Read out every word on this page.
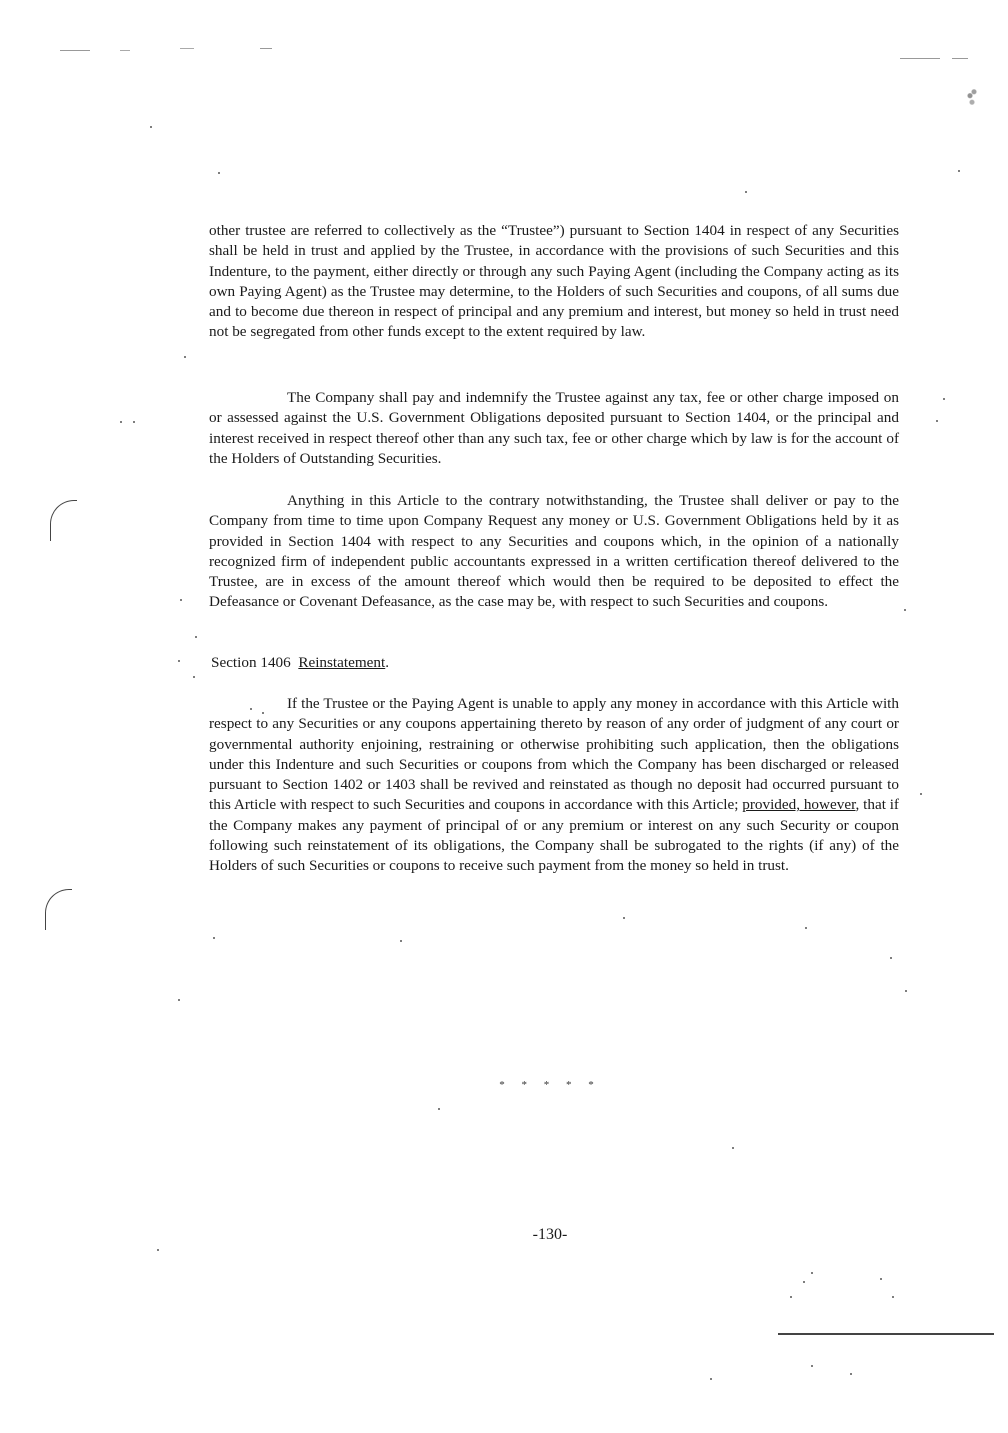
other trustee are referred to collectively as the “Trustee”) pursuant to Section 1404 in respect of any Securities shall be held in trust and applied by the Trustee, in accordance with the provisions of such Securities and this Indenture, to the payment, either directly or through any such Paying Agent (including the Company acting as its own Paying Agent) as the Trustee may determine, to the Holders of such Securities and coupons, of all sums due and to become due thereon in respect of principal and any premium and interest, but money so held in trust need not be segregated from other funds except to the extent required by law.

The Company shall pay and indemnify the Trustee against any tax, fee or other charge imposed on or assessed against the U.S. Government Obligations deposited pursuant to Section 1404, or the principal and interest received in respect thereof other than any such tax, fee or other charge which by law is for the account of the Holders of Outstanding Securities.

Anything in this Article to the contrary notwithstanding, the Trustee shall deliver or pay to the Company from time to time upon Company Request any money or U.S. Government Obligations held by it as provided in Section 1404 with respect to any Securities and coupons which, in the opinion of a nationally recognized firm of independent public accountants expressed in a written certification thereof delivered to the Trustee, are in excess of the amount thereof which would then be required to be deposited to effect the Defeasance or Covenant Defeasance, as the case may be, with respect to such Securities and coupons.

Section 1406 Reinstatement.

If the Trustee or the Paying Agent is unable to apply any money in accordance with this Article with respect to any Securities or any coupons appertaining thereto by reason of any order of judgment of any court or governmental authority enjoining, restraining or otherwise prohibiting such application, then the obligations under this Indenture and such Securities or coupons from which the Company has been discharged or released pursuant to Section 1402 or 1403 shall be revived and reinstated as though no deposit had occurred pursuant to this Article with respect to such Securities and coupons in accordance with this Article; provided, however, that if the Company makes any payment of principal of or any premium or interest on any such Security or coupon following such reinstatement of its obligations, the Company shall be subrogated to the rights (if any) of the Holders of such Securities or coupons to receive such payment from the money so held in trust.

* * * * *
-130-
